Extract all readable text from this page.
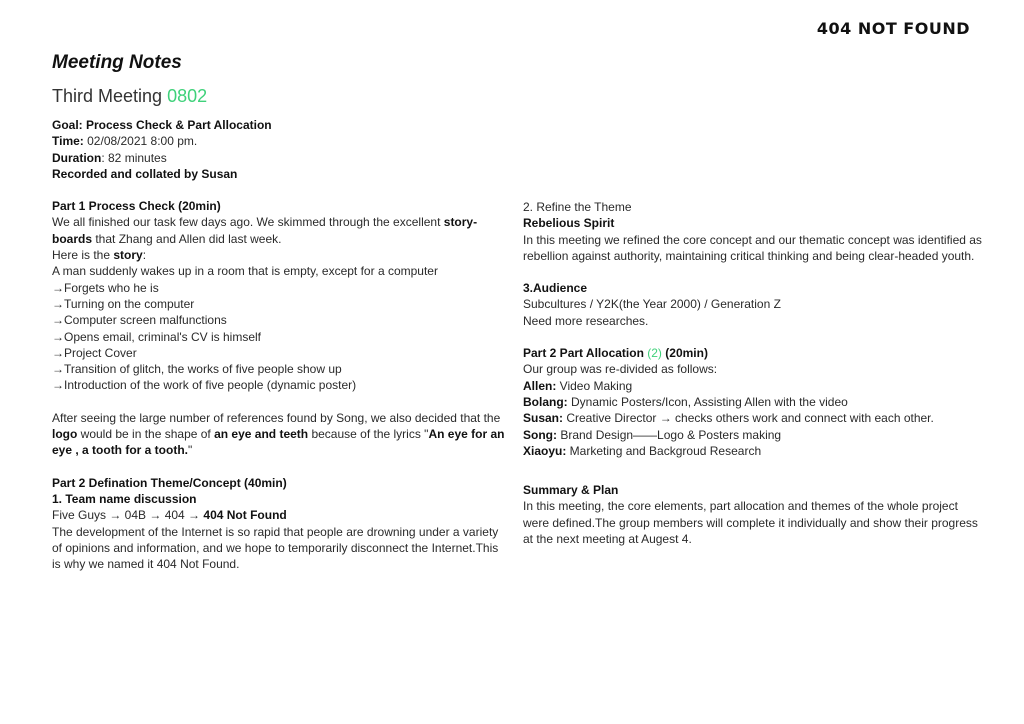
404 NOT FOUND
Meeting Notes
Third Meeting 0802
Goal: Process Check & Part Allocation
Time: 02/08/2021 8:00 pm.
Duration: 82 minutes
Recorded and collated by Susan
Part 1 Process Check (20min)
We all finished our task few days ago. We skimmed through the excellent story-boards that Zhang and Allen did last week.
Here is the story:
A man suddenly wakes up in a room that is empty, except for a computer
→Forgets who he is
→Turning on the computer
→Computer screen malfunctions
→Opens email, criminal's CV is himself
→Project Cover
→Transition of glitch, the works of five people show up
→Introduction of the work of five people (dynamic poster)
After seeing the large number of references found by Song, we also decided that the logo would be in the shape of an eye and teeth because of the lyrics "An eye for an eye , a tooth for a tooth."
Part 2 Defination Theme/Concept (40min)
1. Team name discussion
Five Guys → 04B → 404 → 404 Not Found
The development of the Internet is so rapid that people are drowning under a variety of opinions and information, and we hope to temporarily disconnect the Internet.This is why we named it 404 Not Found.
2. Refine the Theme
Rebelious Spirit
In this meeting we refined the core concept and our thematic concept was identified as rebellion against authority, maintaining critical thinking and being clear-headed youth.
3.Audience
Subcultures / Y2K(the Year 2000) / Generation Z
Need more researches.
Part 2 Part Allocation (2) (20min)
Our group was re-divided as follows:
Allen: Video Making
Bolang: Dynamic Posters/Icon, Assisting Allen with the video
Susan: Creative Director → checks others work and connect with each other.
Song: Brand Design——Logo & Posters making
Xiaoyu: Marketing and Backgroud Research
Summary & Plan
In this meeting, the core elements, part allocation and themes of the whole project were defined.The group members will complete it individually and show their progress at the next meeting at Augest 4.
